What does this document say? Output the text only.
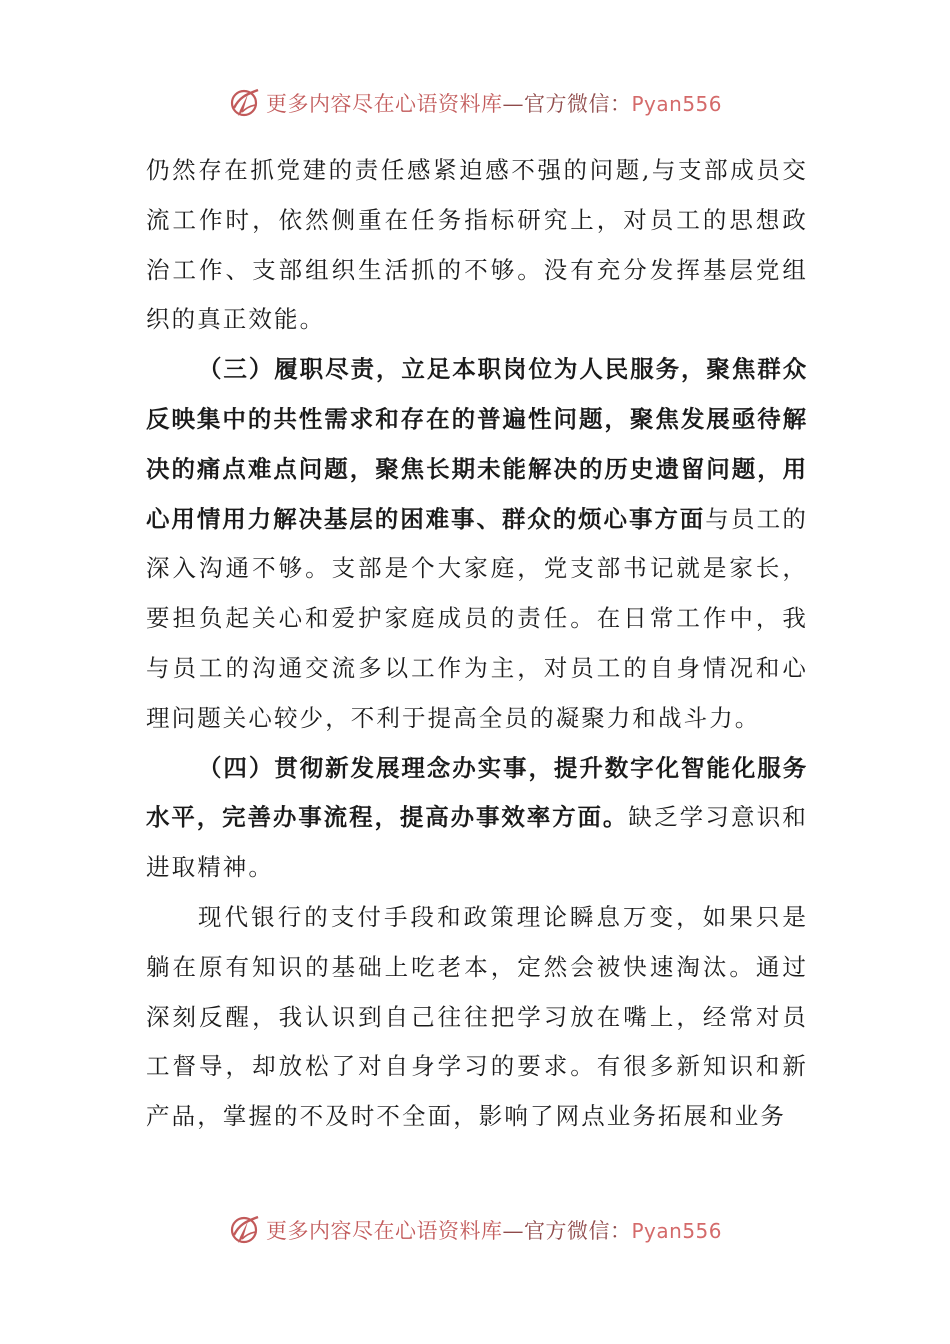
更多内容尽在心语资料库—官方微信：Pyan556

仍然存在抓党建的责任感紧迫感不强的问题,与支部成员交流工作时，依然侧重在任务指标研究上，对员工的思想政治工作、支部组织生活抓的不够。没有充分发挥基层党组织的真正效能。

（三）履职尽责，立足本职岗位为人民服务，聚焦群众反映集中的共性需求和存在的普遍性问题，聚焦发展亟待解决的痛点难点问题，聚焦长期未能解决的历史遗留问题，用心用情用力解决基层的困难事、群众的烦心事方面与员工的深入沟通不够。支部是个大家庭，党支部书记就是家长，要担负起关心和爱护家庭成员的责任。在日常工作中，我与员工的沟通交流多以工作为主，对员工的自身情况和心理问题关心较少，不利于提高全员的凝聚力和战斗力。

（四）贯彻新发展理念办实事，提升数字化智能化服务水平，完善办事流程，提高办事效率方面。缺乏学习意识和进取精神。

现代银行的支付手段和政策理论瞬息万变，如果只是躺在原有知识的基础上吃老本，定然会被快速淘汰。通过深刻反醒，我认识到自己往往把学习放在嘴上，经常对员工督导，却放松了对自身学习的要求。有很多新知识和新产品，掌握的不及时不全面，影响了网点业务拓展和业务

更多内容尽在心语资料库—官方微信：Pyan556
